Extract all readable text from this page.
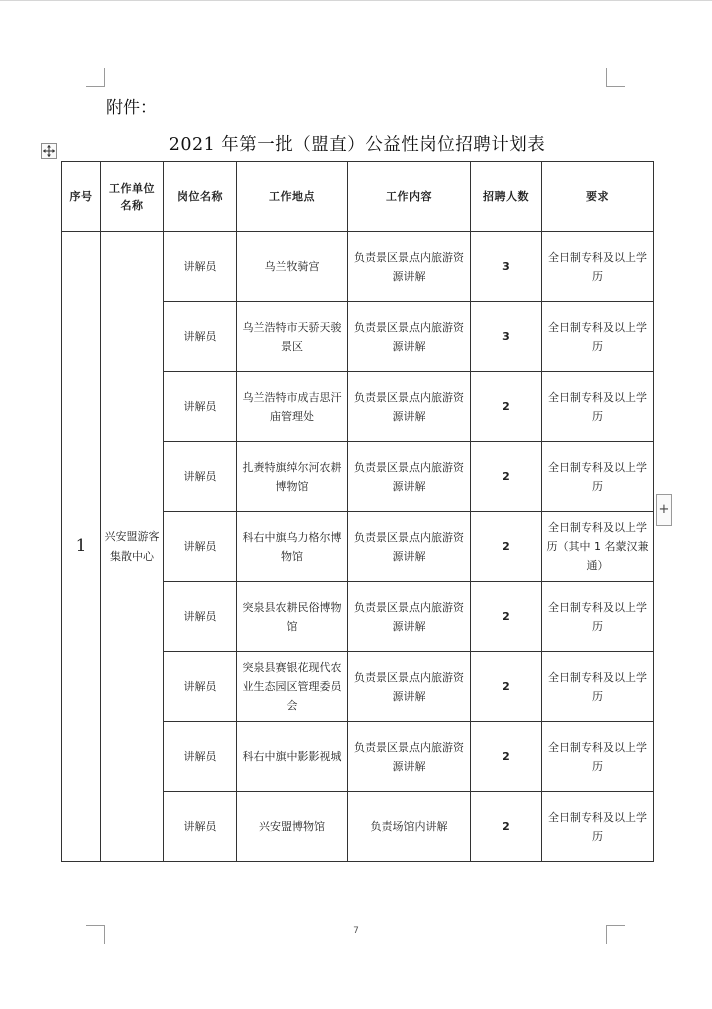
附件：
2021 年第一批（盟直）公益性岗位招聘计划表
序号	工作单位名称	岗位名称	工作地点	工作内容	招聘人数	要求
1	兴安盟游客集散中心	讲解员	乌兰牧骑宫	负责景区景点内旅游资源讲解	3	全日制专科及以上学历
		讲解员	乌兰浩特市天骄天骏景区	负责景区景点内旅游资源讲解	3	全日制专科及以上学历
		讲解员	乌兰浩特市成吉思汗庙管理处	负责景区景点内旅游资源讲解	2	全日制专科及以上学历
		讲解员	扎赉特旗绰尔河农耕博物馆	负责景区景点内旅游资源讲解	2	全日制专科及以上学历
		讲解员	科右中旗乌力格尔博物馆	负责景区景点内旅游资源讲解	2	全日制专科及以上学历（其中 1 名蒙汉兼通）
		讲解员	突泉县农耕民俗博物馆	负责景区景点内旅游资源讲解	2	全日制专科及以上学历
		讲解员	突泉县赛银花现代农业生态园区管理委员会	负责景区景点内旅游资源讲解	2	全日制专科及以上学历
		讲解员	科右中旗中影影视城	负责景区景点内旅游资源讲解	2	全日制专科及以上学历
		讲解员	兴安盟博物馆	负责场馆内讲解	2	全日制专科及以上学历
+
7
